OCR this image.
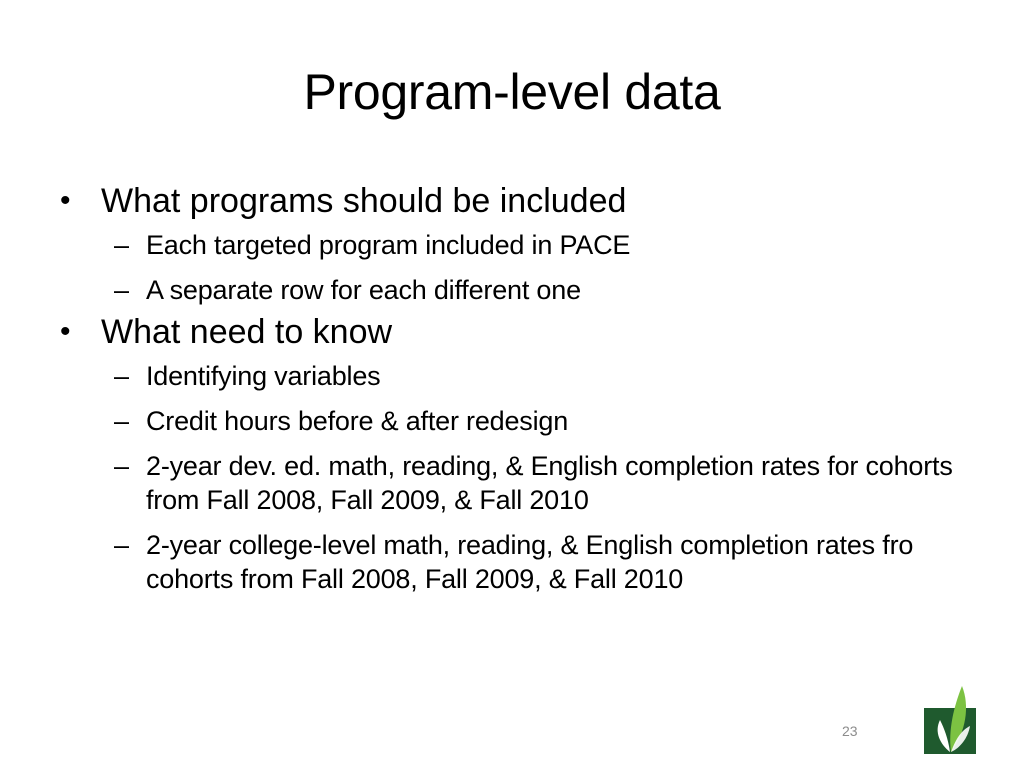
Program-level data
• What programs should be included
– Each targeted program included in PACE
– A separate row for each different one
• What need to know
– Identifying variables
– Credit hours before & after redesign
– 2-year dev. ed. math, reading, & English completion rates for cohorts from Fall 2008, Fall 2009, & Fall 2010
– 2-year college-level math, reading, & English completion rates fro cohorts from Fall 2008, Fall 2009, & Fall 2010
23
